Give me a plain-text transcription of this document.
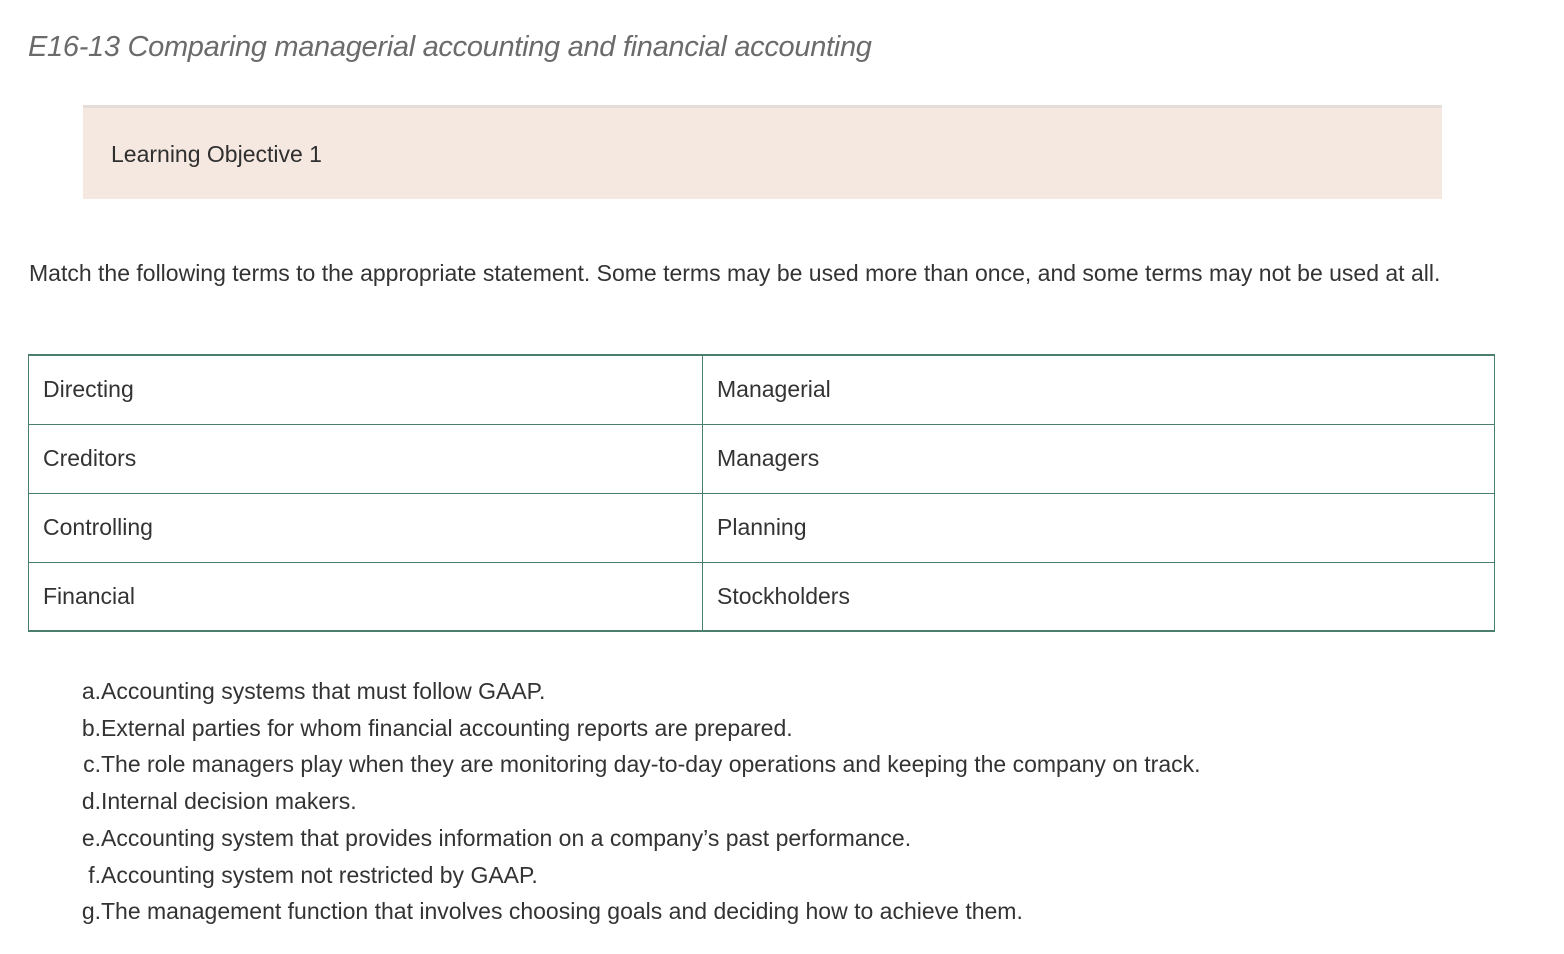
E16-13 Comparing managerial accounting and financial accounting
Learning Objective 1

Match the following terms to the appropriate statement. Some terms may be used more than once, and some terms may not be used at all.

Directing	Managerial
Creditors	Managers
Controlling	Planning
Financial	Stockholders
a. Accounting systems that must follow GAAP.
b. External parties for whom financial accounting reports are prepared.
c. The role managers play when they are monitoring day-to-day operations and keeping the company on track.
d. Internal decision makers.
e. Accounting system that provides information on a company’s past performance.
f. Accounting system not restricted by GAAP.
g. The management function that involves choosing goals and deciding how to achieve them.
